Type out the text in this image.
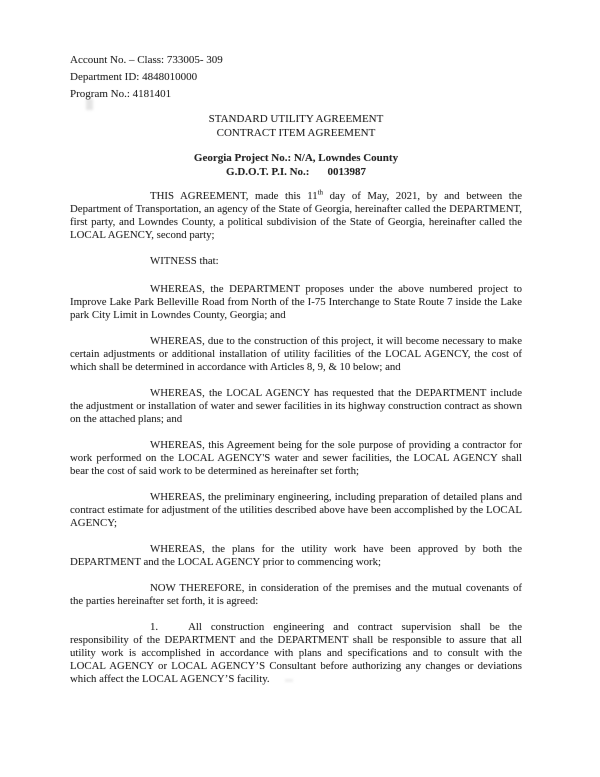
Account No. – Class: 733005- 309
Department ID: 4848010000
Program No.: 4181401
STANDARD UTILITY AGREEMENT
CONTRACT ITEM AGREEMENT
Georgia Project No.: N/A, Lowndes County
G.D.O.T. P.I. No.: 0013987

THIS AGREEMENT, made this 11th day of May, 2021, by and between the Department of Transportation, an agency of the State of Georgia, hereinafter called the DEPARTMENT, first party, and Lowndes County, a political subdivision of the State of Georgia, hereinafter called the LOCAL AGENCY, second party;

WITNESS that:

WHEREAS, the DEPARTMENT proposes under the above numbered project to Improve Lake Park Belleville Road from North of the I-75 Interchange to State Route 7 inside the Lake park City Limit in Lowndes County, Georgia; and

WHEREAS, due to the construction of this project, it will become necessary to make certain adjustments or additional installation of utility facilities of the LOCAL AGENCY, the cost of which shall be determined in accordance with Articles 8, 9, & 10 below; and

WHEREAS, the LOCAL AGENCY has requested that the DEPARTMENT include the adjustment or installation of water and sewer facilities in its highway construction contract as shown on the attached plans; and

WHEREAS, this Agreement being for the sole purpose of providing a contractor for work performed on the LOCAL AGENCY'S water and sewer facilities, the LOCAL AGENCY shall bear the cost of said work to be determined as hereinafter set forth;

WHEREAS, the preliminary engineering, including preparation of detailed plans and contract estimate for adjustment of the utilities described above have been accomplished by the LOCAL AGENCY;

WHEREAS, the plans for the utility work have been approved by both the DEPARTMENT and the LOCAL AGENCY prior to commencing work;

NOW THEREFORE, in consideration of the premises and the mutual covenants of the parties hereinafter set forth, it is agreed:

1.	All construction engineering and contract supervision shall be the responsibility of the DEPARTMENT and the DEPARTMENT shall be responsible to assure that all utility work is accomplished in accordance with plans and specifications and to consult with the LOCAL AGENCY or LOCAL AGENCY’S Consultant before authorizing any changes or deviations which affect the LOCAL AGENCY’S facility.
